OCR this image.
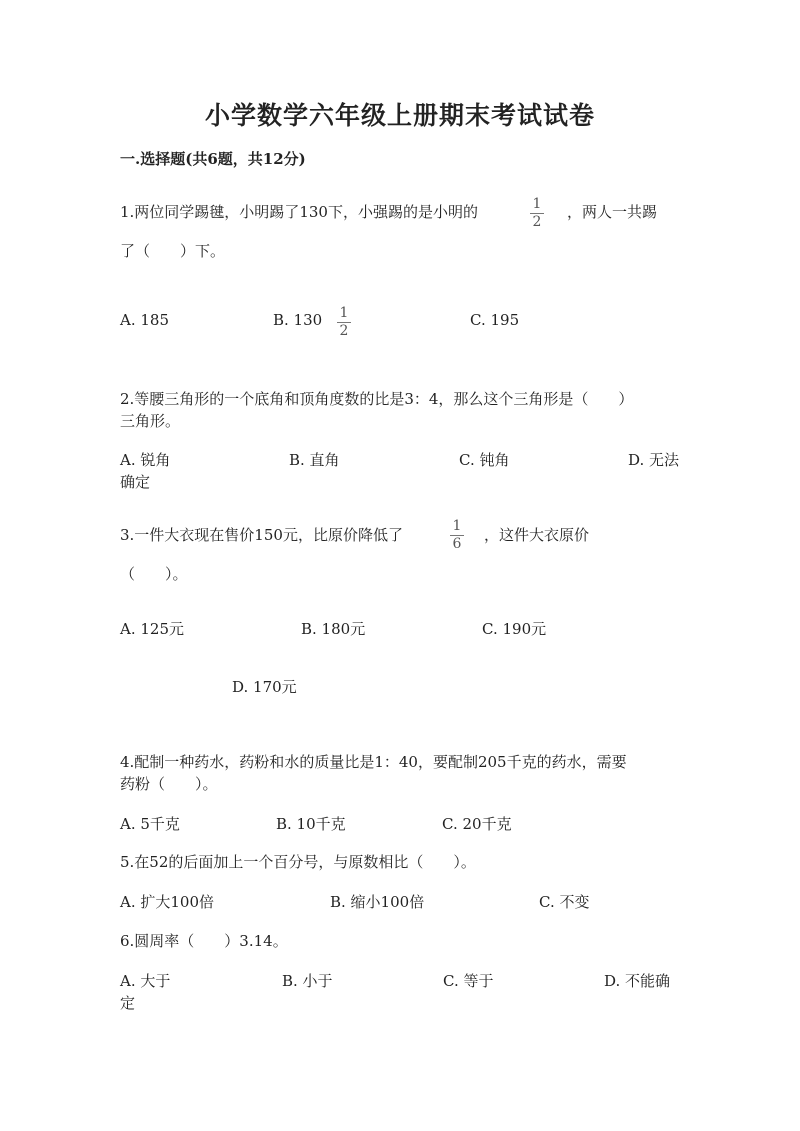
小学数学六年级上册期末考试试卷
一.选择题(共6题，共12分)
1.两位同学踢毽，小明踢了130下，小强踢的是小明的	1
2
，两人一共踢
了（　　）下。
A. 185	B. 130	1
2
C. 195
2.等腰三角形的一个底角和顶角度数的比是3：4，那么这个三角形是（　　）
三角形。
A. 锐角	B. 直角	C. 钝角	D. 无法
确定
3.一件大衣现在售价150元，比原价降低了	1
6	，这件大衣原价
（　　）。
A. 125元	B. 180元	C. 190元
D. 170元
4.配制一种药水，药粉和水的质量比是1：40，要配制205千克的药水，需要
药粉（　　）。
A. 5千克	B. 10千克	C. 20千克
5.在52的后面加上一个百分号，与原数相比（　　）。
A. 扩大100倍	B. 缩小100倍	C. 不变
6.圆周率（　　）3.14。
A. 大于	B. 小于	C. 等于	D. 不能确
定
